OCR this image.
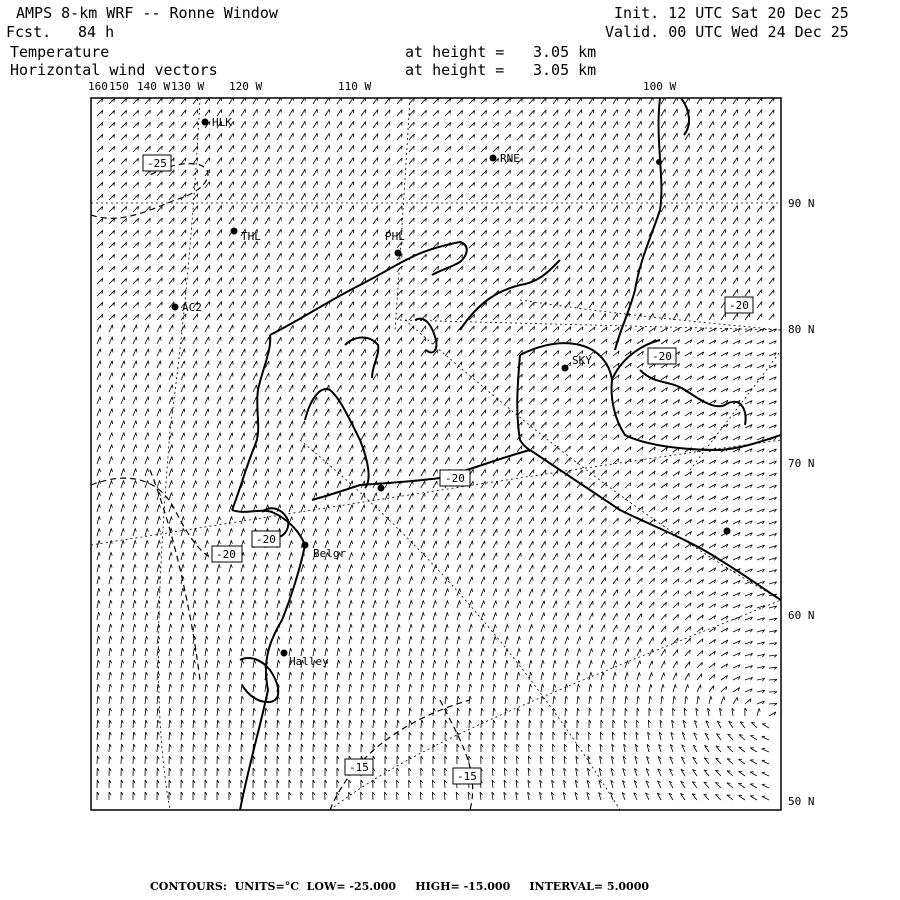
AMPS 8-km WRF -- Ronne Window
Fcst. 84 h
Temperature
Horizontal wind vectors
at height = 3.05 km
at height = 3.05 km
Init. 12 UTC Sat 20 Dec 25
Valid. 00 UTC Wed 24 Dec 25
90 N
80 N
70 N
60 N
50 N
160 150 140 W 130 W 120 W	110 W	100 W
-25
-20
-20
-20
-20
-20
-15
-15
HLK
RNE
THL	PHL
AC2
SKY
Belgr
Halley
CONTOURS: UNITS=°C LOW= -25.000 HIGH= -15.000 INTERVAL= 5.0000
